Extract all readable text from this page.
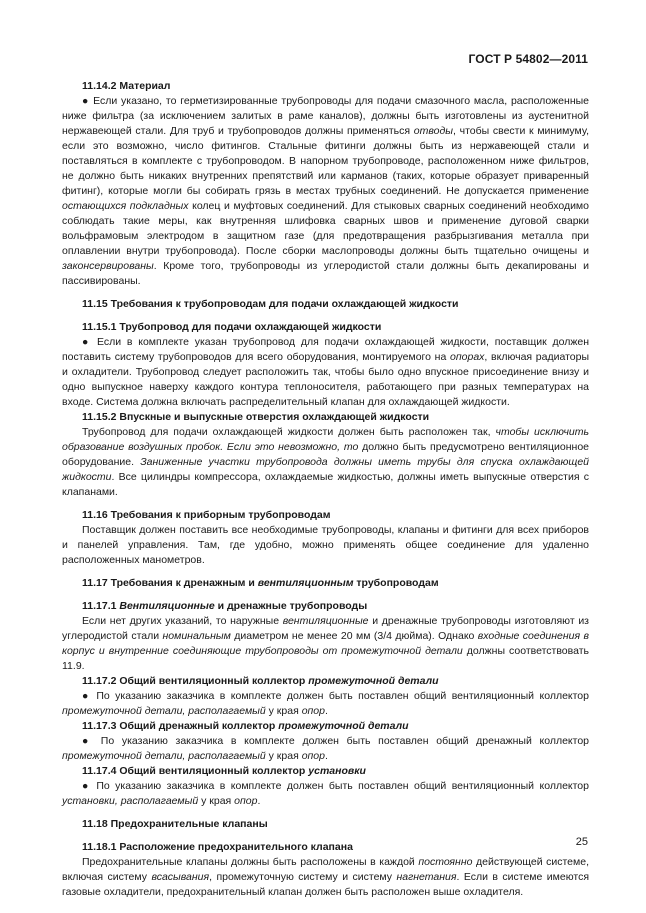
ГОСТ Р 54802—2011
11.14.2 Материал
● Если указано, то герметизированные трубопроводы для подачи смазочного масла, расположенные ниже фильтра (за исключением залитых в раме каналов), должны быть изготовлены из аустенитной нержавеющей стали. Для труб и трубопроводов должны применяться отводы, чтобы свести к минимуму, если это возможно, число фитингов. Стальные фитинги должны быть из нержавеющей стали и поставляться в комплекте с трубопроводом. В напорном трубопроводе, расположенном ниже фильтров, не должно быть никаких внутренних препятствий или карманов (таких, которые образует приваренный фитинг), которые могли бы собирать грязь в местах трубных соединений. Не допускается применение остающихся подкладных колец и муфтовых соединений. Для стыковых сварных соединений необходимо соблюдать такие меры, как внутренняя шлифовка сварных швов и применение дуговой сварки вольфрамовым электродом в защитном газе (для предотвращения разбрызгивания металла при оплавлении внутри трубопровода). После сборки маслопроводы должны быть тщательно очищены и законсервированы. Кроме того, трубопроводы из углеродистой стали должны быть декапированы и пассивированы.
11.15 Требования к трубопроводам для подачи охлаждающей жидкости
11.15.1 Трубопровод для подачи охлаждающей жидкости
● Если в комплекте указан трубопровод для подачи охлаждающей жидкости, поставщик должен поставить систему трубопроводов для всего оборудования, монтируемого на опорах, включая радиаторы и охладители. Трубопровод следует расположить так, чтобы было одно впускное присоединение внизу и одно выпускное наверху каждого контура теплоносителя, работающего при разных температурах на входе. Система должна включать распределительный клапан для охлаждающей жидкости.
11.15.2 Впускные и выпускные отверстия охлаждающей жидкости
Трубопровод для подачи охлаждающей жидкости должен быть расположен так, чтобы исключить образование воздушных пробок. Если это невозможно, то должно быть предусмотрено вентиляционное оборудование. Заниженные участки трубопровода должны иметь трубы для спуска охлаждающей жидкости. Все цилиндры компрессора, охлаждаемые жидкостью, должны иметь выпускные отверстия с клапанами.
11.16 Требования к приборным трубопроводам
Поставщик должен поставить все необходимые трубопроводы, клапаны и фитинги для всех приборов и панелей управления. Там, где удобно, можно применять общее соединение для удаленно расположенных манометров.
11.17 Требования к дренажным и вентиляционным трубопроводам
11.17.1 Вентиляционные и дренажные трубопроводы
Если нет других указаний, то наружные вентиляционные и дренажные трубопроводы изготовляют из углеродистой стали номинальным диаметром не менее 20 мм (3/4 дюйма). Однако входные соединения в корпус и внутренние соединяющие трубопроводы от промежуточной детали должны соответствовать 11.9.
11.17.2 Общий вентиляционный коллектор промежуточной детали
● По указанию заказчика в комплекте должен быть поставлен общий вентиляционный коллектор промежуточной детали, располагаемый у края опор.
11.17.3 Общий дренажный коллектор промежуточной детали
● По указанию заказчика в комплекте должен быть поставлен общий дренажный коллектор промежуточной детали, располагаемый у края опор.
11.17.4 Общий вентиляционный коллектор установки
● По указанию заказчика в комплекте должен быть поставлен общий вентиляционный коллектор установки, располагаемый у края опор.
11.18 Предохранительные клапаны
11.18.1 Расположение предохранительного клапана
Предохранительные клапаны должны быть расположены в каждой постоянно действующей системе, включая систему всасывания, промежуточную систему и систему нагнетания. Если в системе имеются газовые охладители, предохранительный клапан должен быть расположен выше охладителя.
25
